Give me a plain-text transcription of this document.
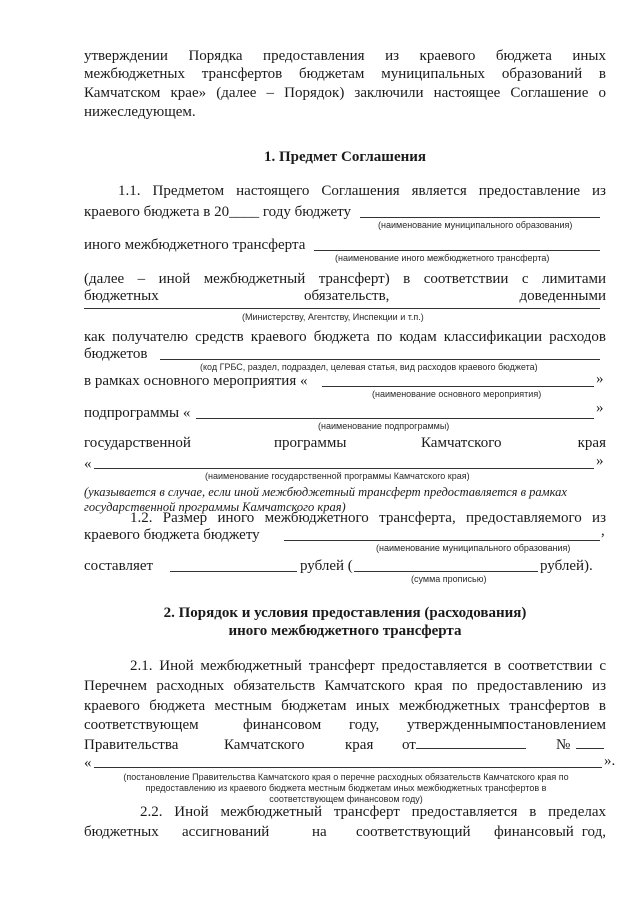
утверждении Порядка предоставления из краевого бюджета иных
межбюджетных трансфертов бюджетам муниципальных образований в
Камчатском крае» (далее – Порядок) заключили настоящее Соглашение о
нижеследующем.
1. Предмет Соглашения
1.1. Предметом настоящего Соглашения является предоставление из
краевого бюджета в 20____ году бюджету
(наименование муниципального образования)
иного межбюджетного трансферта
(наименование иного межбюджетного трансферта)
(далее – иной межбюджетный трансферт) в соответствии с лимитами
бюджетных	обязательств,	доведенными
(Министерству, Агентству, Инспекции и т.п.)
как получателю средств краевого бюджета по кодам классификации расходов
бюджетов
(код ГРБС, раздел, подраздел, целевая статья, вид расходов краевого бюджета)
в рамках основного мероприятия «	»
(наименование основного мероприятия)
подпрограммы «	»
(наименование подпрограммы)
государственной	программы	Камчатского	края
«	»
(наименование государственной программы Камчатского края)
(указывается в случае, если иной межбюджетный трансферт предоставляется в рамках
государственной программы Камчатского края)
1.2. Размер иного межбюджетного трансферта, предоставляемого из
краевого бюджета бюджету	,
(наименование муниципального образования)
составляет	рублей (	рублей).
(сумма прописью)
2. Порядок и условия предоставления (расходования)
иного межбюджетного трансферта
2.1. Иной межбюджетный трансферт предоставляется в соответствии с
Перечнем расходных обязательств Камчатского края по предоставлению из
краевого бюджета местным бюджетам иных межбюджетных трансфертов в
соответствующем	финансовом году, утвержденным
постановлением
Правительства	Камчатского	края от	№
«	».
(постановление Правительства Камчатского края о перечне расходных обязательств Камчатского края по
предоставлению из краевого бюджета местным бюджетам иных межбюджетных трансфертов в
соответствующем финансовом году)
2.2. Иной межбюджетный трансферт предоставляется в пределах
бюджетных ассигнований	на соответствующий финансовый год,
